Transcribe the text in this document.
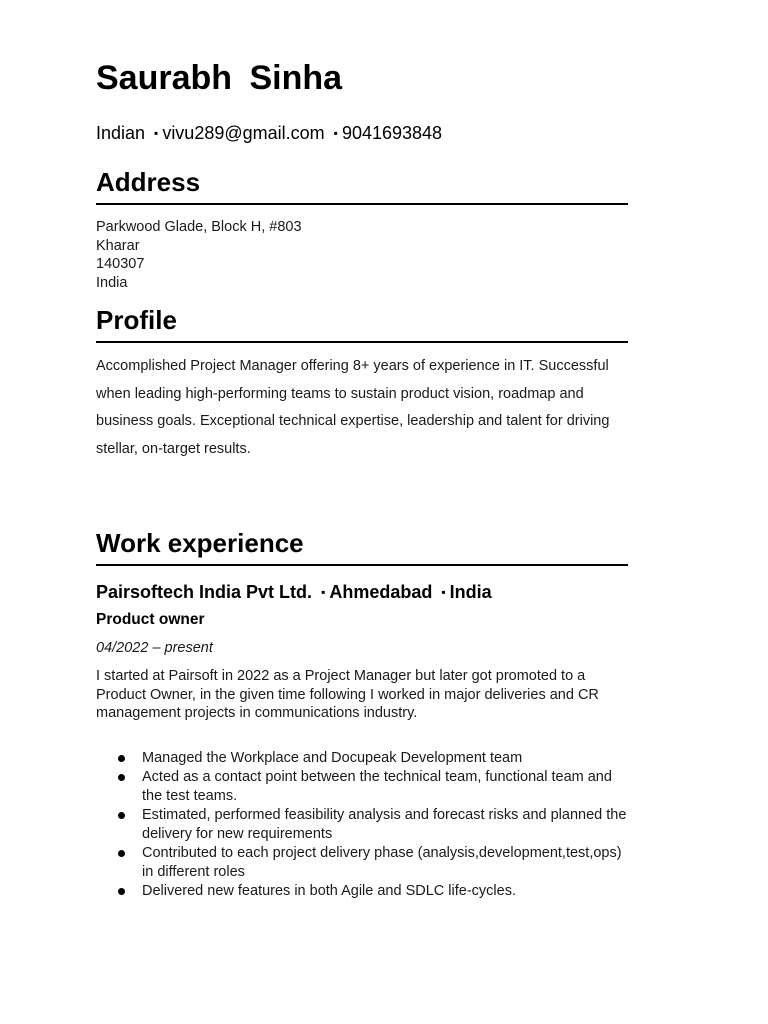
Saurabh Sinha
Indian ▪ vivu289@gmail.com ▪ 9041693848
Address
Parkwood Glade, Block H, #803
Kharar
140307
India
Profile

Accomplished Project Manager offering 8+ years of experience in IT. Successful

when leading high-performing teams to sustain product vision, roadmap and

business goals. Exceptional technical expertise, leadership and talent for driving

stellar, on-target results.

Work experience
Pairsoftech India Pvt Ltd. ▪ Ahmedabad ▪ India
Product owner
04/2022 – present
I started at Pairsoft in 2022 as a Project Manager but later got promoted to a Product Owner, in the given time following I worked in major deliveries and CR management projects in communications industry.
Managed the Workplace and Docupeak Development team
Acted as a contact point between the technical team, functional team and the test teams.
Estimated, performed feasibility analysis and forecast risks and planned the delivery for new requirements
Contributed to each project delivery phase (analysis,development,test,ops) in different roles
Delivered new features in both Agile and SDLC life-cycles.
